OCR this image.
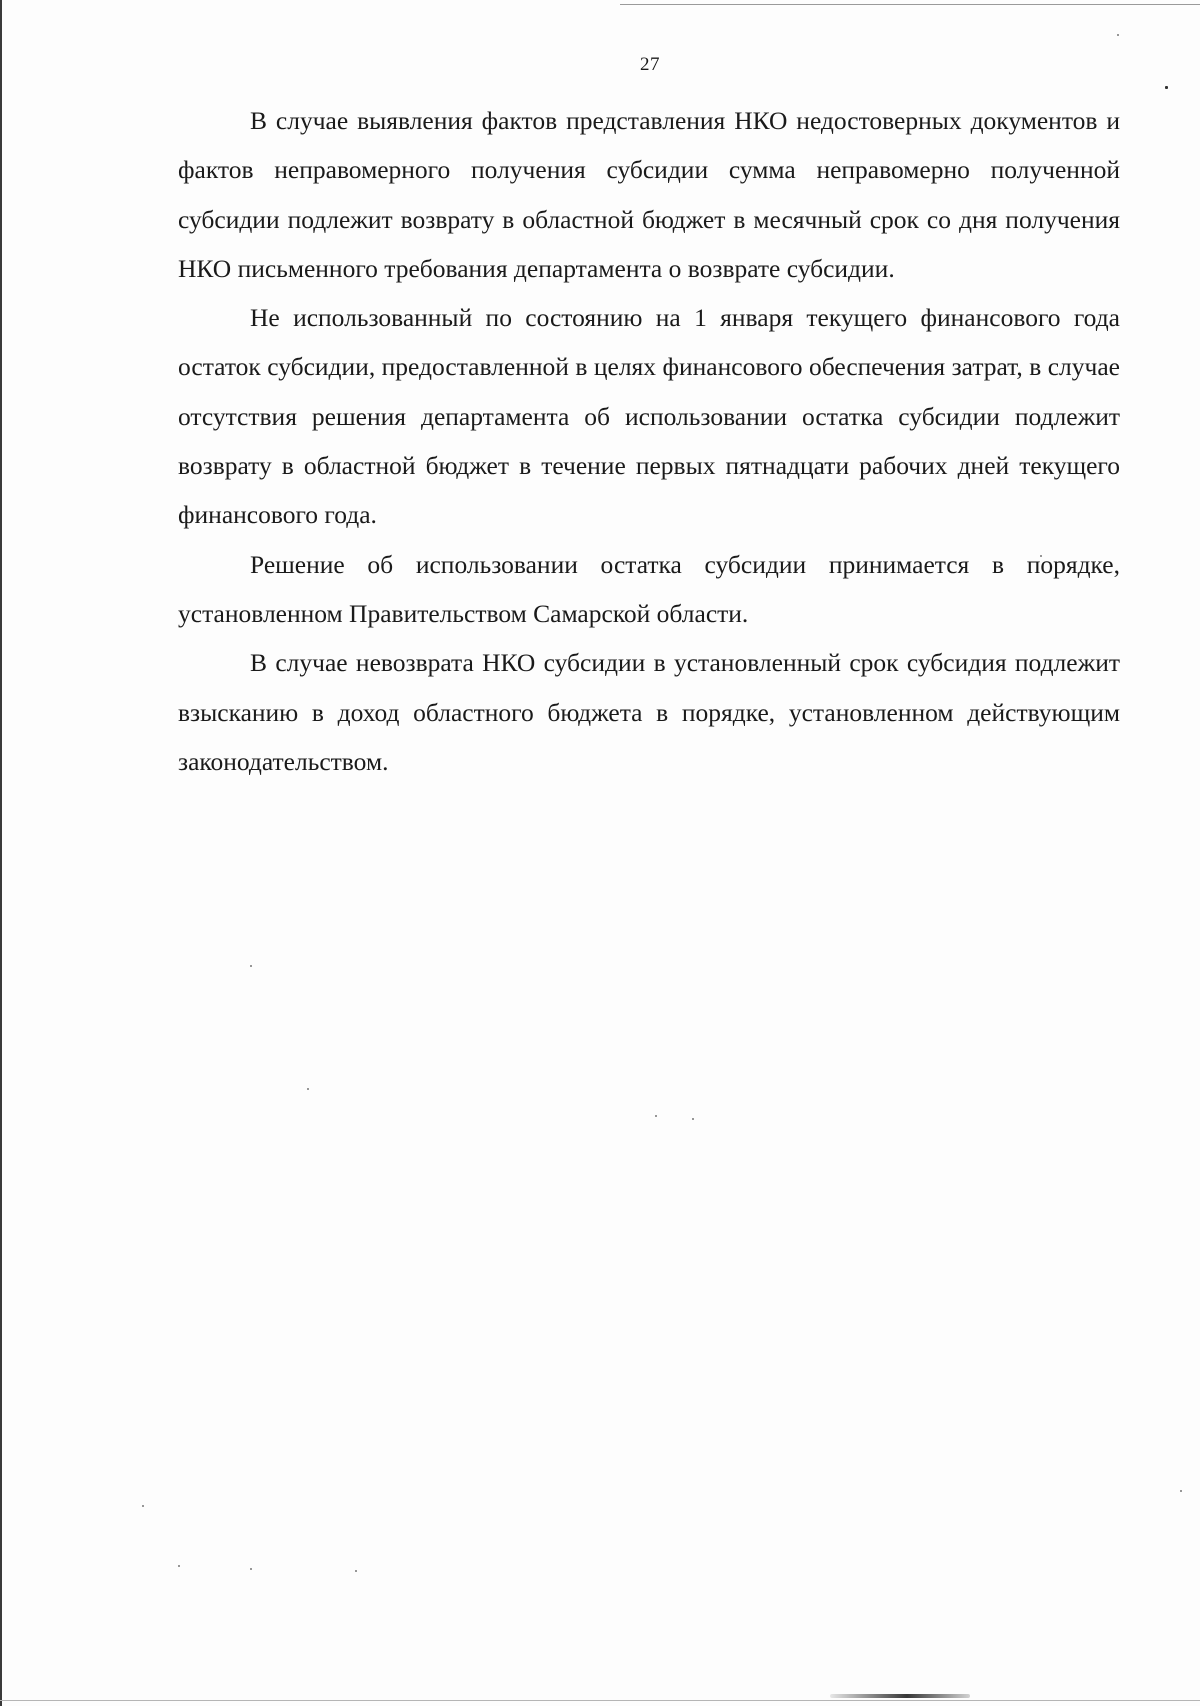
27

В случае выявления фактов представления НКО недостоверных документов и фактов неправомерного получения субсидии сумма неправомерно полученной субсидии подлежит возврату в областной бюджет в месячный срок со дня получения НКО письменного требования департамента о возврате субсидии.

Не использованный по состоянию на 1 января текущего финансового года остаток субсидии, предоставленной в целях финансового обеспечения затрат, в случае отсутствия решения департамента об использовании остатка субсидии подлежит возврату в областной бюджет в течение первых пятнадцати рабочих дней текущего финансового года.

Решение об использовании остатка субсидии принимается в порядке, установленном Правительством Самарской области.

В случае невозврата НКО субсидии в установленный срок субсидия подлежит взысканию в доход областного бюджета в порядке, установленном действующим законодательством.
